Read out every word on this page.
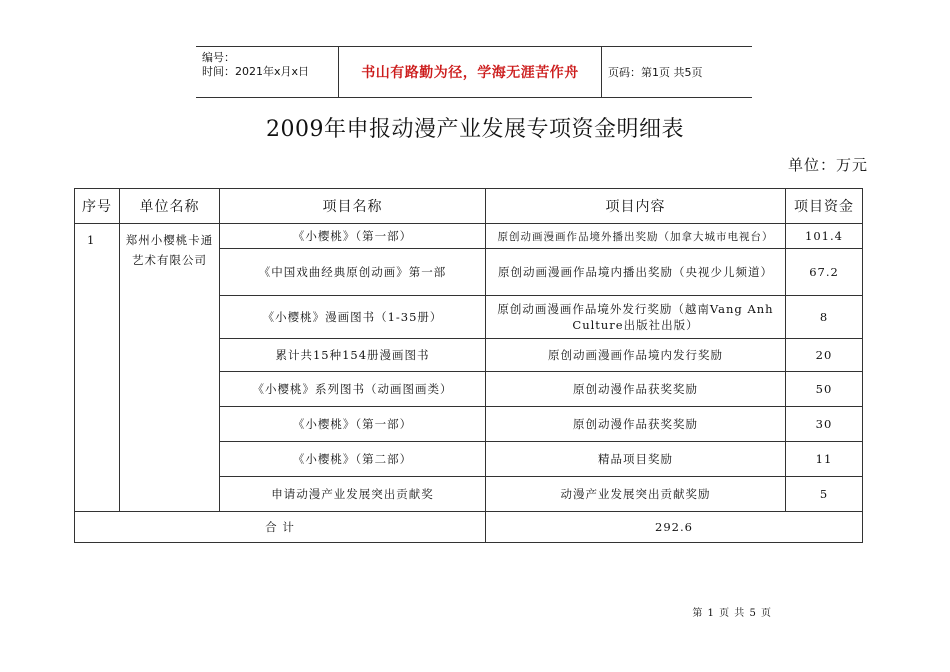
编号：
时间：2021年x月x日	书山有路勤为径，学海无涯苦作舟	页码：第1页 共5页
2009年申报动漫产业发展专项资金明细表
单位：万元
序号	单位名称	项目名称	项目内容	项目资金
1	郑州小樱桃卡通艺术有限公司	《小樱桃》（第一部）	原创动画漫画作品境外播出奖励（加拿大城市电视台）	101.4
		《中国戏曲经典原创动画》第一部	原创动画漫画作品境内播出奖励（央视少儿频道）	67.2
		《小樱桃》漫画图书（1-35册）	原创动画漫画作品境外发行奖励（越南Vang Anh Culture出版社出版）	8
		累计共15种154册漫画图书	原创动画漫画作品境内发行奖励	20
		《小樱桃》系列图书（动画图画类）	原创动漫作品获奖奖励	50
		《小樱桃》（第一部）	原创动漫作品获奖奖励	30
		《小樱桃》（第二部）	精品项目奖励	11
		申请动漫产业发展突出贡献奖	动漫产业发展突出贡献奖励	5
合 计			292.6	
第 1 页 共 5 页
